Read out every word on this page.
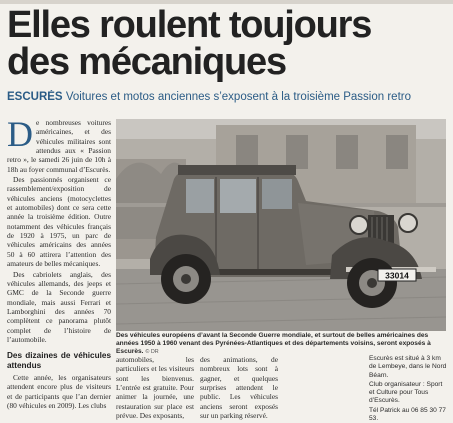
Elles roulent toujours
des mécaniques
ESCURÈS Voitures et motos anciennes s’exposent à la troisième Passion retro

D e nombreuses voitures américaines, et des véhicules militaires sont attendus aux « Passion retro », le samedi 26 juin de 10h à 18h au foyer communal d’Escurès.

Des passionnés organisent ce rassemblement/exposition de véhicules anciens (motocyclettes et automobiles) dont ce sera cette année la troisième édition. Outre notamment des véhicules français de 1920 à 1975, un parc de véhicules américains des années 50 à 60 attirera l’attention des amateurs de belles mécaniques.

Des cabriolets anglais, des véhicules allemands, des jeeps et GMC de la Seconde guerre mondiale, mais aussi Ferrari et Lamborghini des années 70 complètent ce panorama plutôt complet de l’histoire de l’automobile.

Des dizaines de véhicules attendus

Cette année, les organisateurs attendent encore plus de visiteurs et de participants que l’an dernier (80 véhicules en 2009). Les clubs

33014
Des véhicules européens d’avant la Seconde Guerre mondiale, et surtout de belles américaines des années 1950 à 1960 venant des Pyrénées-Atlantiques et des départements voisins, seront exposés à Escurès. © DR

automobiles, les particuliers et les visiteurs sont les bienvenus. L’entrée est gratuite. Pour animer la journée, une restauration sur place est prévue. Des exposants,

des animations, de nombreux lots sont à gagner, et quelques surprises attendent le public. Les véhicules anciens seront exposés sur un parking réservé.

Escurès est situé à 3 km de Lembeye, dans le Nord Béarn.

Club organisateur : Sport et Culture pour Tous d’Escurès.

Tél Patrick au 06 85 30 77 53.
